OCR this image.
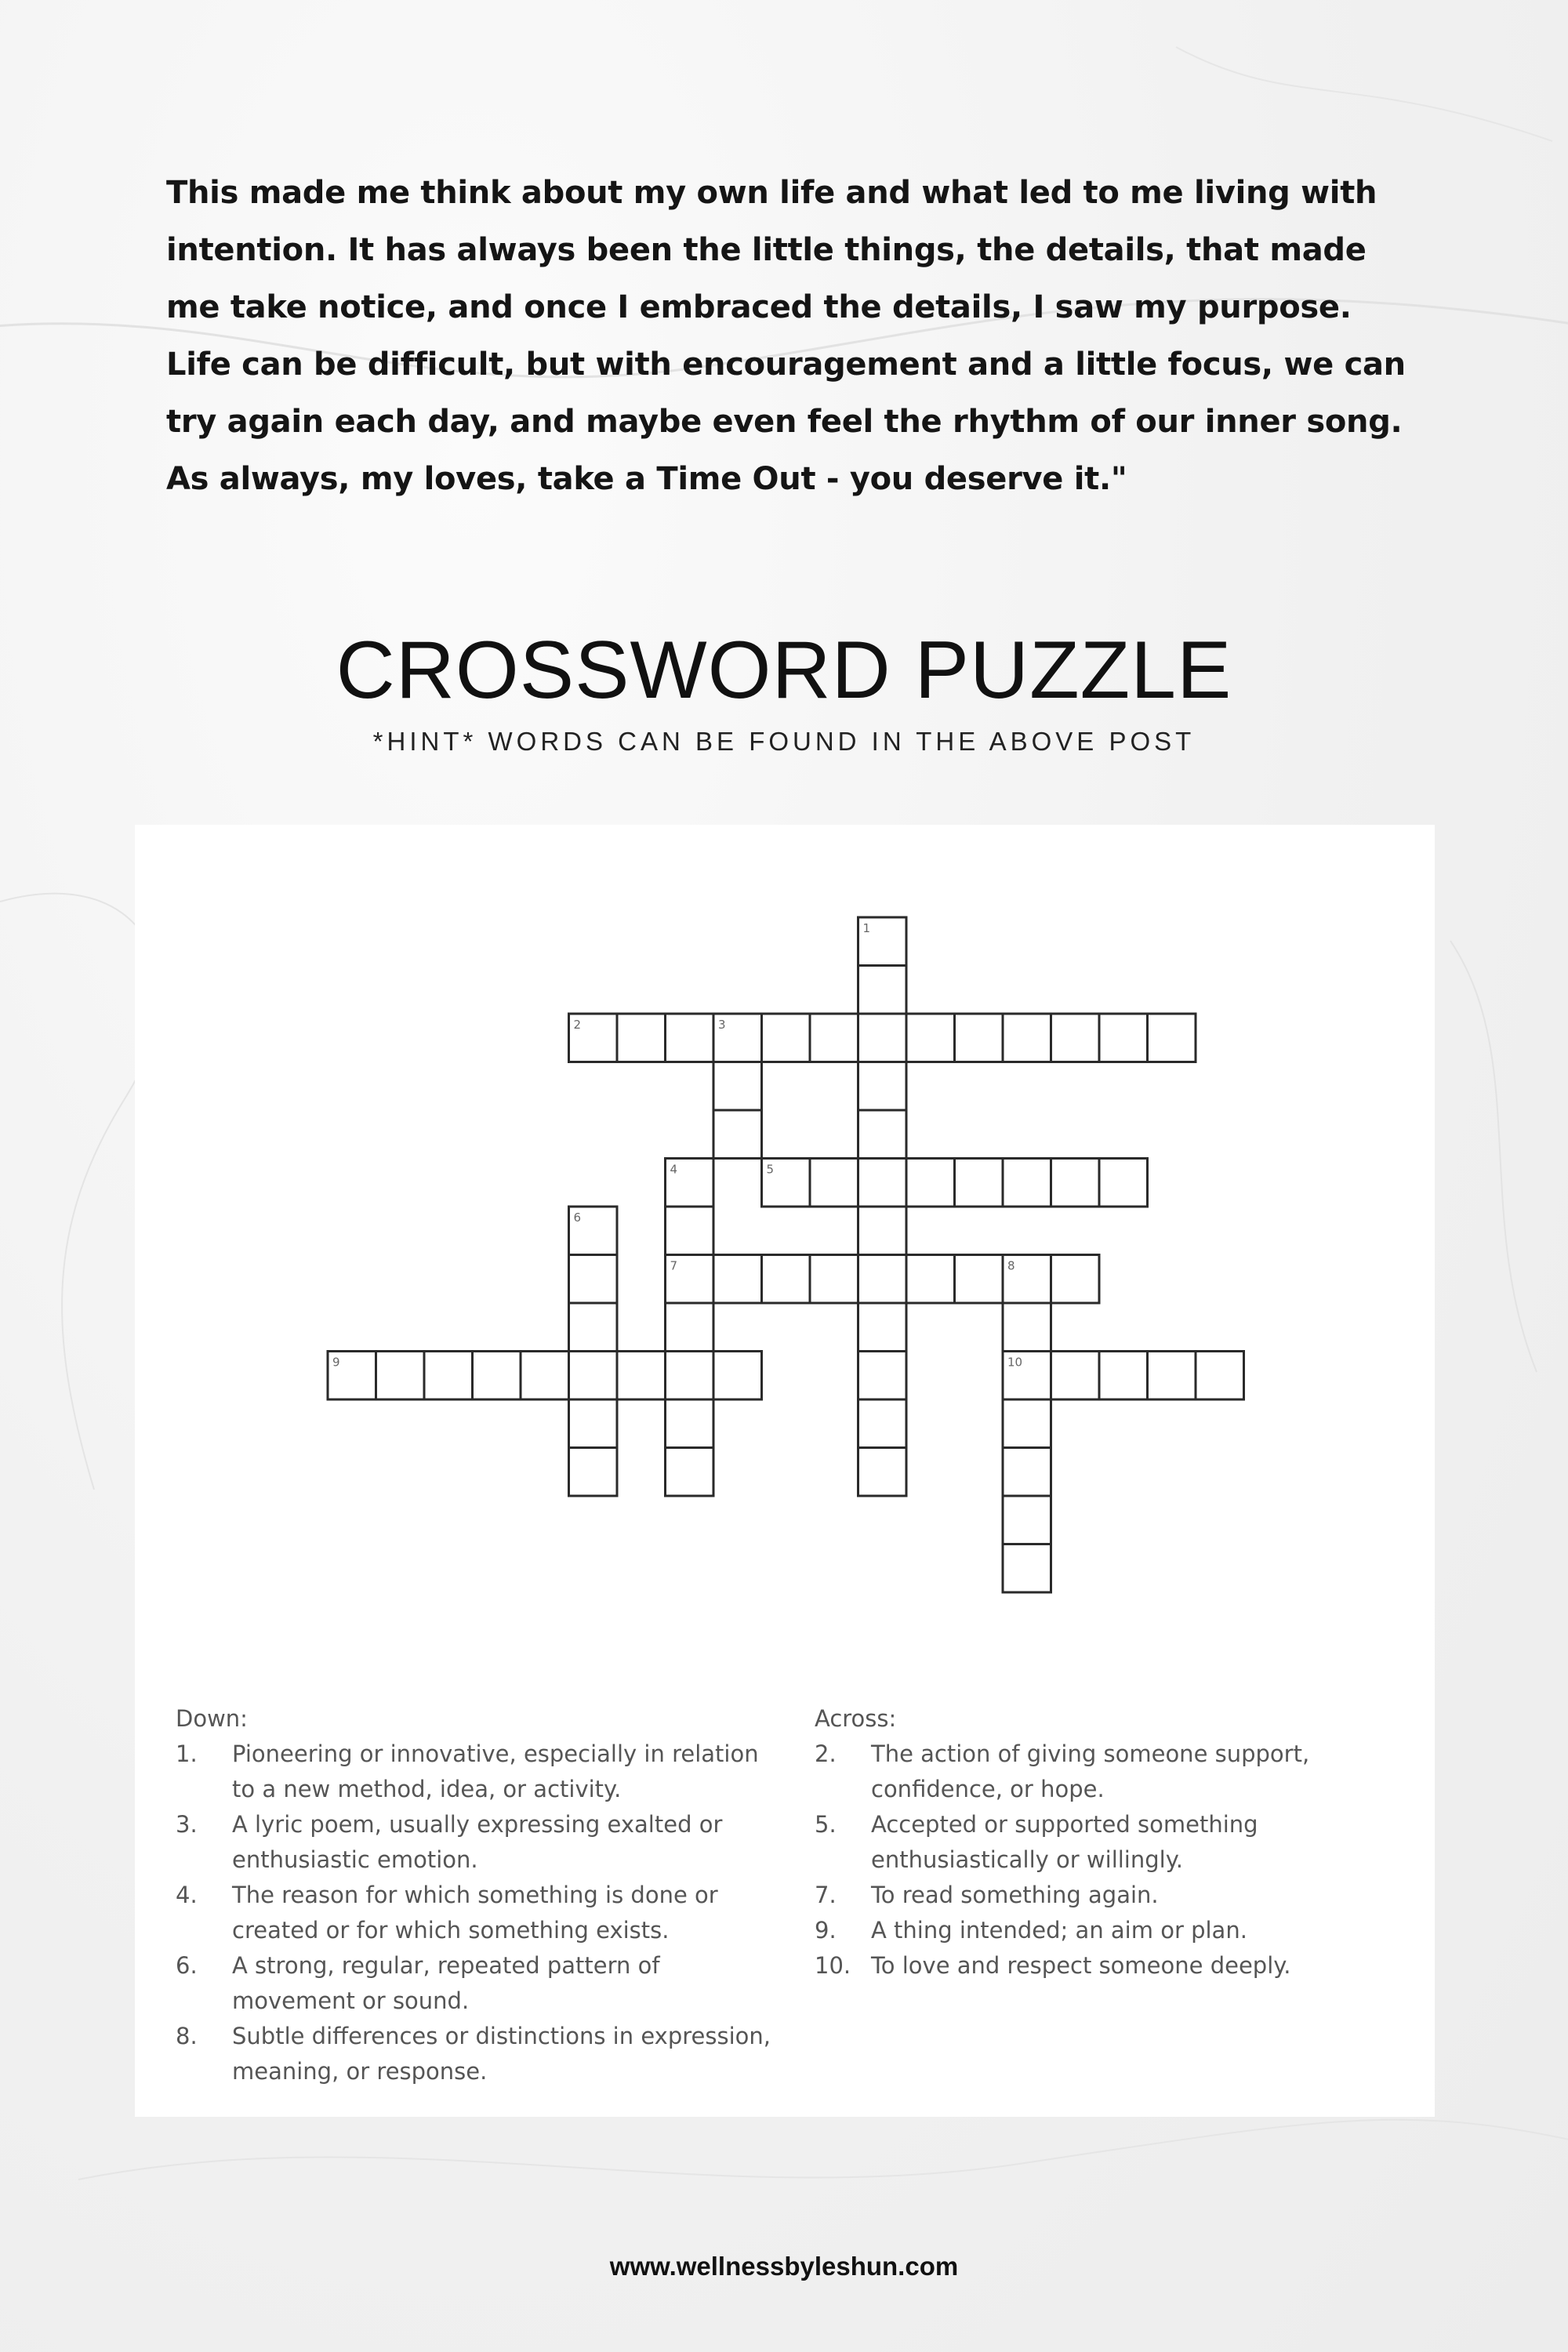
This made me think about my own life and what led to me living with intention. It has always been the little things, the details, that made me take notice, and once I embraced the details, I saw my purpose. Life can be difficult, but with encouragement and a little focus, we can try again each day, and maybe even feel the rhythm of our inner song. As always, my loves, take a Time Out - you deserve it."

CROSSWORD PUZZLE
*HINT* WORDS CAN BE FOUND IN THE ABOVE POST
1
2	3
4	5
6
7	8
9	10

Down:

1.	Pioneering or innovative, especially in relation to a new method, idea, or activity.
3.	A lyric poem, usually expressing exalted or enthusiastic emotion.
4.	The reason for which something is done or created or for which something exists.
6.	A strong, regular, repeated pattern of movement or sound.
8.	Subtle differences or distinctions in expression, meaning, or response.

Across:

2.	The action of giving someone support, confidence, or hope.
5.	Accepted or supported something enthusiastically or willingly.
7.	To read something again.
9.	A thing intended; an aim or plan.
10. To love and respect someone deeply.
www.wellnessbyleshun.com
